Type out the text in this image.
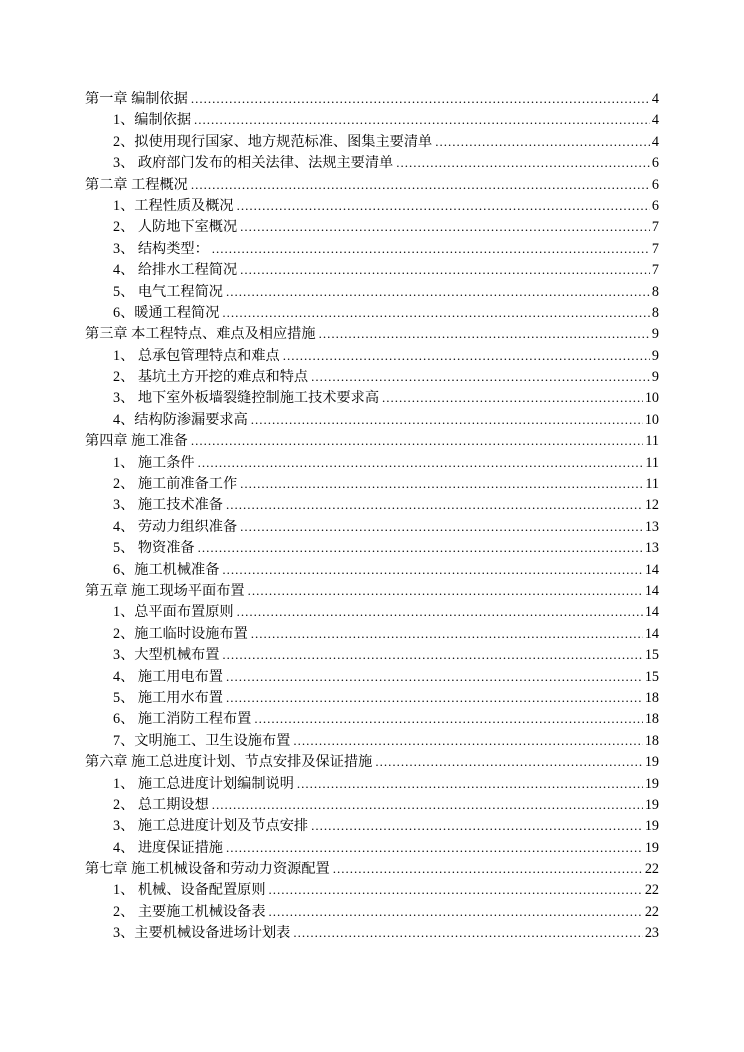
第一章 编制依据 .....	4
1、编制依据 .....	4
2、拟使用现行国家、地方规范标准、图集主要清单 .....	4
3、 政府部门发布的相关法律、法规主要清单 .....	6
第二章 工程概况 .....	6
1、工程性质及概况 .....	6
2、 人防地下室概况 .....	7
3、 结构类型： .....	7
4、 给排水工程简况 .....	7
5、 电气工程简况 .....	8
6、暖通工程简况 .....	8
第三章 本工程特点、难点及相应措施 .....	9
1、 总承包管理特点和难点 .....	9
2、 基坑土方开挖的难点和特点 .....	9
3、 地下室外板墙裂缝控制施工技术要求高 .....	10
4、结构防渗漏要求高 .....	10
第四章 施工准备 .....	11
1、 施工条件 .....	11
2、 施工前准备工作 .....	11
3、 施工技术准备 .....	12
4、 劳动力组织准备 .....	13
5、 物资准备 .....	13
6、施工机械准备 .....	14
第五章 施工现场平面布置 .....	14
1、总平面布置原则 .....	14
2、施工临时设施布置 .....	14
3、大型机械布置 .....	15
4、 施工用电布置 .....	15
5、 施工用水布置 .....	18
6、 施工消防工程布置 .....	18
7、文明施工、卫生设施布置 .....	18
第六章 施工总进度计划、节点安排及保证措施 .....	19
1、 施工总进度计划编制说明 .....	19
2、 总工期设想 .....	19
3、 施工总进度计划及节点安排 .....	19
4、 进度保证措施 .....	19
第七章 施工机械设备和劳动力资源配置 .....	22
1、 机械、设备配置原则 .....	22
2、 主要施工机械设备表 .....	22
3、主要机械设备进场计划表 .....	23
